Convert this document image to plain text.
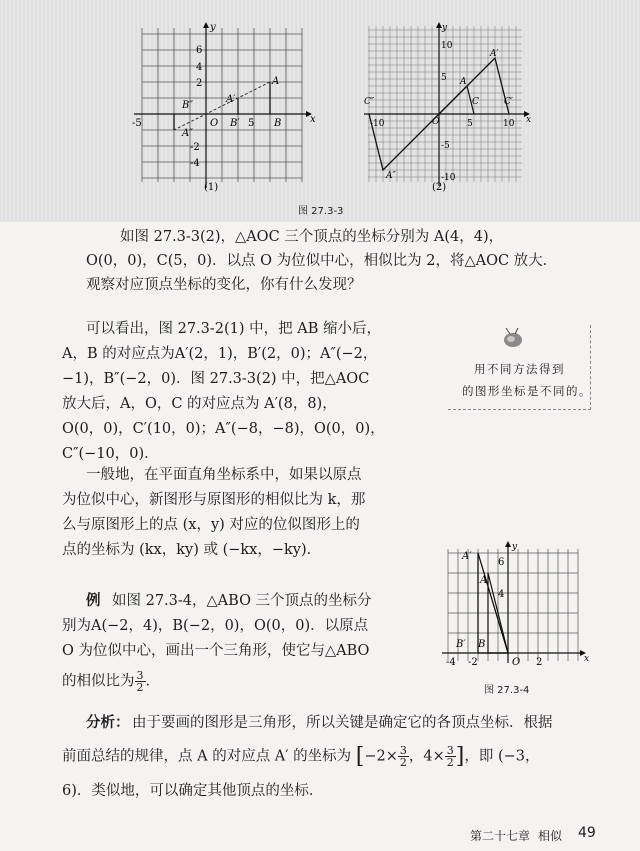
x
y
-5	5
2
4
6
-2
-4
O
A
A′
A″
B
B′
B″
(1)
x
y
10
5
-5
-10
-10	5	10
O
A
A′
A″
C	C′
C″
(2)
图 27.3-3
如图 27.3-3(2)，△AOC 三个顶点的坐标分别为 A(4，4)，
O(0，0)，C(5，0)．以点 O 为位似中心，相似比为 2，将△AOC 放大．
观察对应顶点坐标的变化，你有什么发现？
可以看出，图 27.3-2(1) 中，把 AB 缩小后，
A，B 的对应点为A′(2，1)，B′(2，0)；A″(−2，
−1)，B″(−2，0)．图 27.3-3(2) 中，把△AOC
放大后，A，O，C 的对应点为 A′(8，8)，
O(0，0)，C′(10，0)；A″(−8，−8)，O(0，0)，
C″(−10，0)．
用不同方法得到
的图形坐标是不同的。
一般地，在平面直角坐标系中，如果以原点
为位似中心，新图形与原图形的相似比为 k，那
么与原图形上的点 (x，y) 对应的位似图形上的
点的坐标为 (kx，ky) 或 (−kx，−ky)．
例 如图 27.3-4，△ABO 三个顶点的坐标分
别为A(−2，4)，B(−2，0)，O(0，0)．以原点
O 为位似中心，画出一个三角形，使它与△ABO
的相似比为 $\frac{3}{2}$ ．
x
y
-4 -2	2
4
6
O
A
A′
B
B′
图 27.3-4
分析： 由于要画的图形是三角形，所以关键是确定它的各顶点坐标．根据
前面总结的规律，点 A 的对应点 A′ 的坐标为 [$-2\times \frac{3}{2}$ ，$4\times \frac{3}{2}$ ]，即 (−3，
6)．类似地，可以确定其他顶点的坐标．
第二十七章 相似 49
